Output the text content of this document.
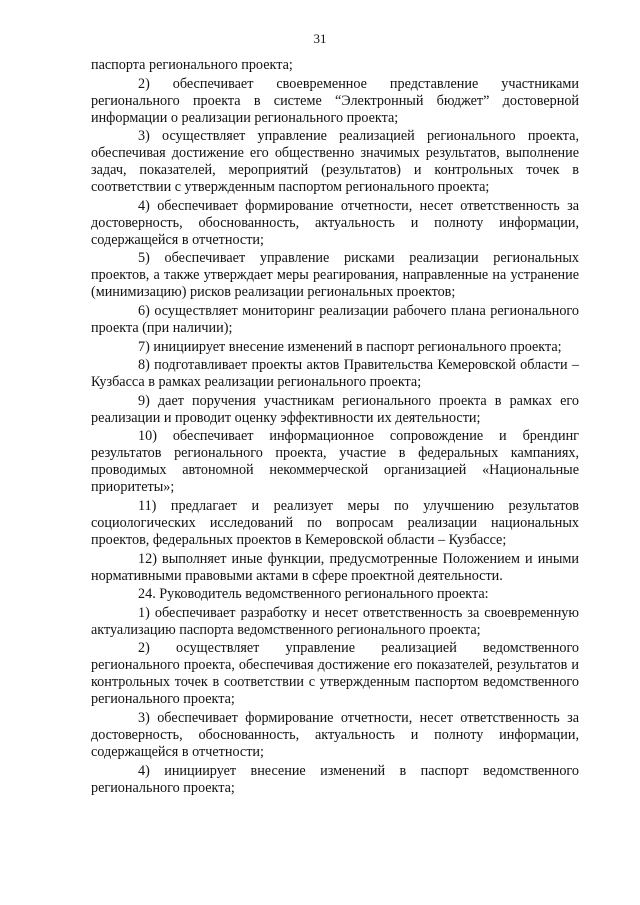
31

паспорта регионального проекта;

2) обеспечивает своевременное представление участниками регионального проекта в системе “Электронный бюджет” достоверной информации о реализации регионального проекта;

3) осуществляет управление реализацией регионального проекта, обеспечивая достижение его общественно значимых результатов, выполнение задач, показателей, мероприятий (результатов) и контрольных точек в соответствии с утвержденным паспортом регионального проекта;

4) обеспечивает формирование отчетности, несет ответственность за достоверность, обоснованность, актуальность и полноту информации, содержащейся в отчетности;

5) обеспечивает управление рисками реализации региональных проектов, а также утверждает меры реагирования, направленные на устранение (минимизацию) рисков реализации региональных проектов;

6) осуществляет мониторинг реализации рабочего плана регионального проекта (при наличии);

7) инициирует внесение изменений в паспорт регионального проекта;

8) подготавливает проекты актов Правительства Кемеровской области – Кузбасса в рамках реализации регионального проекта;

9) дает поручения участникам регионального проекта в рамках его реализации и проводит оценку эффективности их деятельности;

10) обеспечивает информационное сопровождение и брендинг результатов регионального проекта, участие в федеральных кампаниях, проводимых автономной некоммерческой организацией «Национальные приоритеты»;

11) предлагает и реализует меры по улучшению результатов социологических исследований по вопросам реализации национальных проектов, федеральных проектов в Кемеровской области – Кузбассе;

12) выполняет иные функции, предусмотренные Положением и иными нормативными правовыми актами в сфере проектной деятельности.

24. Руководитель ведомственного регионального проекта:

1) обеспечивает разработку и несет ответственность за своевременную актуализацию паспорта ведомственного регионального проекта;

2) осуществляет управление реализацией ведомственного регионального проекта, обеспечивая достижение его показателей, результатов и контрольных точек в соответствии с утвержденным паспортом ведомственного регионального проекта;

3) обеспечивает формирование отчетности, несет ответственность за достоверность, обоснованность, актуальность и полноту информации, содержащейся в отчетности;

4) инициирует внесение изменений в паспорт ведомственного регионального проекта;
